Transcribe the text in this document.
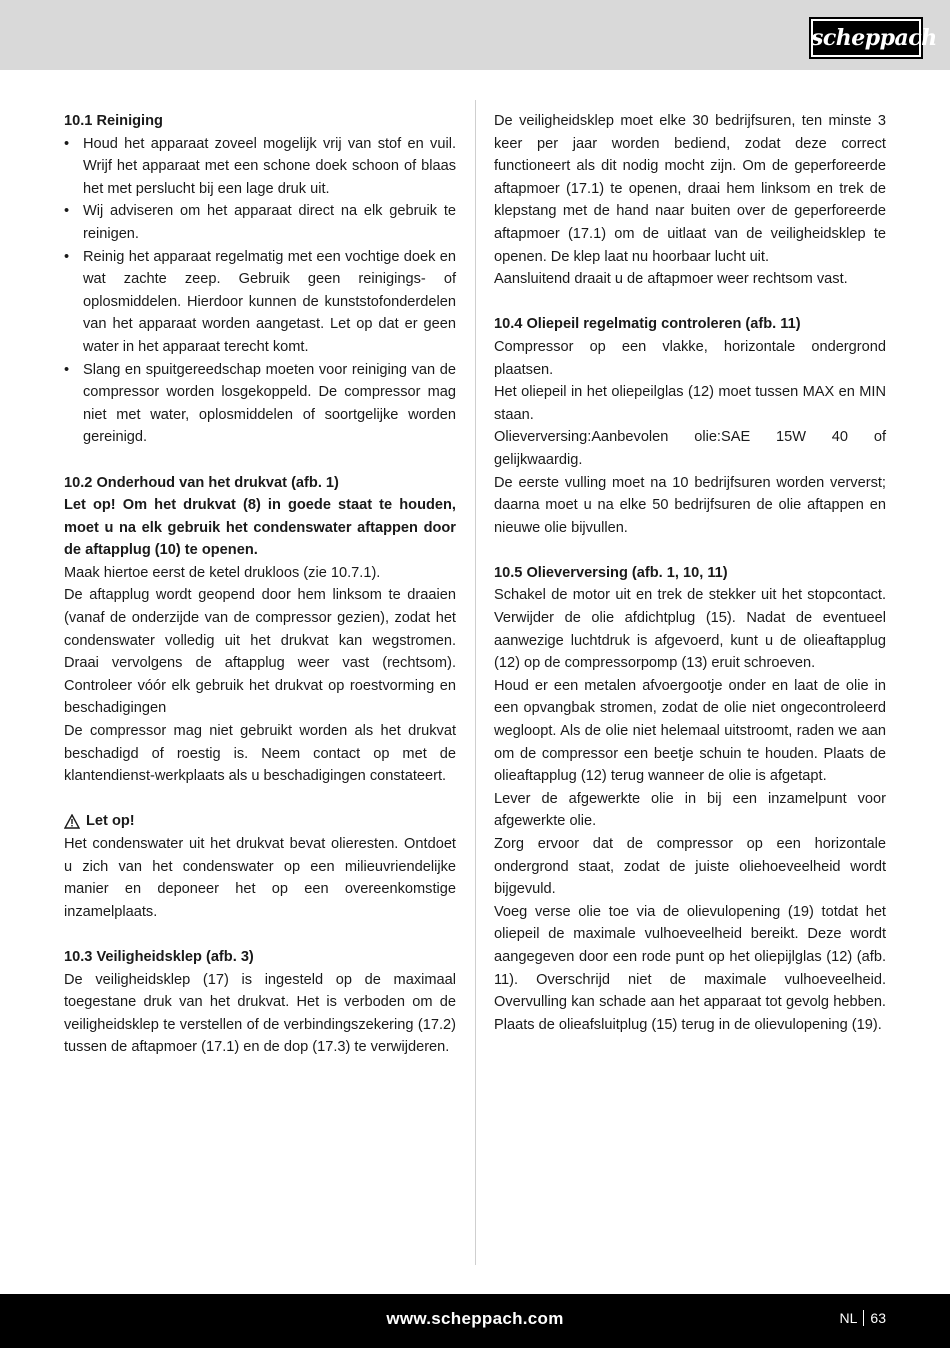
scheppach

10.1 Reiniging

• Houd het apparaat zoveel mogelijk vrij van stof en vuil. Wrijf het apparaat met een schone doek schoon of blaas het met perslucht bij een lage druk uit.
• Wij adviseren om het apparaat direct na elk gebruik te reinigen.
• Reinig het apparaat regelmatig met een vochtige doek en wat zachte zeep. Gebruik geen reinigings- of oplosmiddelen. Hierdoor kunnen de kunststofonderdelen van het apparaat worden aangetast. Let op dat er geen water in het apparaat terecht komt.
• Slang en spuitgereedschap moeten voor reiniging van de compressor worden losgekoppeld. De compressor mag niet met water, oplosmiddelen of soortgelijke worden gereinigd.

10.2 Onderhoud van het drukvat (afb. 1)

Let op! Om het drukvat (8) in goede staat te houden, moet u na elk gebruik het condenswater aftappen door de aftapplug (10) te openen.

Maak hiertoe eerst de ketel drukloos (zie 10.7.1).

De aftapplug wordt geopend door hem linksom te draaien (vanaf de onderzijde van de compressor gezien), zodat het condenswater volledig uit het drukvat kan wegstromen. Draai vervolgens de aftapplug weer vast (rechtsom). Controleer vóór elk gebruik het drukvat op roestvorming en beschadigingen

De compressor mag niet gebruikt worden als het drukvat beschadigd of roestig is. Neem contact op met de klantendienst-werkplaats als u beschadigingen constateert.

Let op!

Het condenswater uit het drukvat bevat olieresten. Ontdoet u zich van het condenswater op een milieuvriendelijke manier en deponeer het op een overeenkomstige inzamelplaats.

10.3 Veiligheidsklep (afb. 3)

De veiligheidsklep (17) is ingesteld op de maximaal toegestane druk van het drukvat. Het is verboden om de veiligheidsklep te verstellen of de verbindingszekering (17.2) tussen de aftapmoer (17.1) en de dop (17.3) te verwijderen.

De veiligheidsklep moet elke 30 bedrijfsuren, ten minste 3 keer per jaar worden bediend, zodat deze correct functioneert als dit nodig mocht zijn. Om de geperforeerde aftapmoer (17.1) te openen, draai hem linksom en trek de klepstang met de hand naar buiten over de geperforeerde aftapmoer (17.1) om de uitlaat van de veiligheidsklep te openen. De klep laat nu hoorbaar lucht uit.

Aansluitend draait u de aftapmoer weer rechtsom vast.

10.4 Oliepeil regelmatig controleren (afb. 11)

Compressor op een vlakke, horizontale ondergrond plaatsen.

Het oliepeil in het oliepeilglas (12) moet tussen MAX en MIN staan.

Olieverversing:Aanbevolen olie:SAE 15W 40 of gelijkwaardig.

De eerste vulling moet na 10 bedrijfsuren worden ververst; daarna moet u na elke 50 bedrijfsuren de olie aftappen en nieuwe olie bijvullen.

10.5 Olieverversing (afb. 1, 10, 11)

Schakel de motor uit en trek de stekker uit het stopcontact. Verwijder de olie afdichtplug (15). Nadat de eventueel aanwezige luchtdruk is afgevoerd, kunt u de olieaftapplug (12) op de compressorpomp (13) eruit schroeven.

Houd er een metalen afvoergootje onder en laat de olie in een opvangbak stromen, zodat de olie niet ongecontroleerd wegloopt. Als de olie niet helemaal uitstroomt, raden we aan om de compressor een beetje schuin te houden. Plaats de olieaftapplug (12) terug wanneer de olie is afgetapt.

Lever de afgewerkte olie in bij een inzamelpunt voor afgewerkte olie.

Zorg ervoor dat de compressor op een horizontale ondergrond staat, zodat de juiste oliehoeveelheid wordt bijgevuld.

Voeg verse olie toe via de olievulopening (19) totdat het oliepeil de maximale vulhoeveelheid bereikt. Deze wordt aangegeven door een rode punt op het oliepijlglas (12) (afb. 11). Overschrijd niet de maximale vulhoeveelheid. Overvulling kan schade aan het apparaat tot gevolg hebben. Plaats de olieafsluitplug (15) terug in de olievulopening (19).

www.scheppach.com	NL 63
